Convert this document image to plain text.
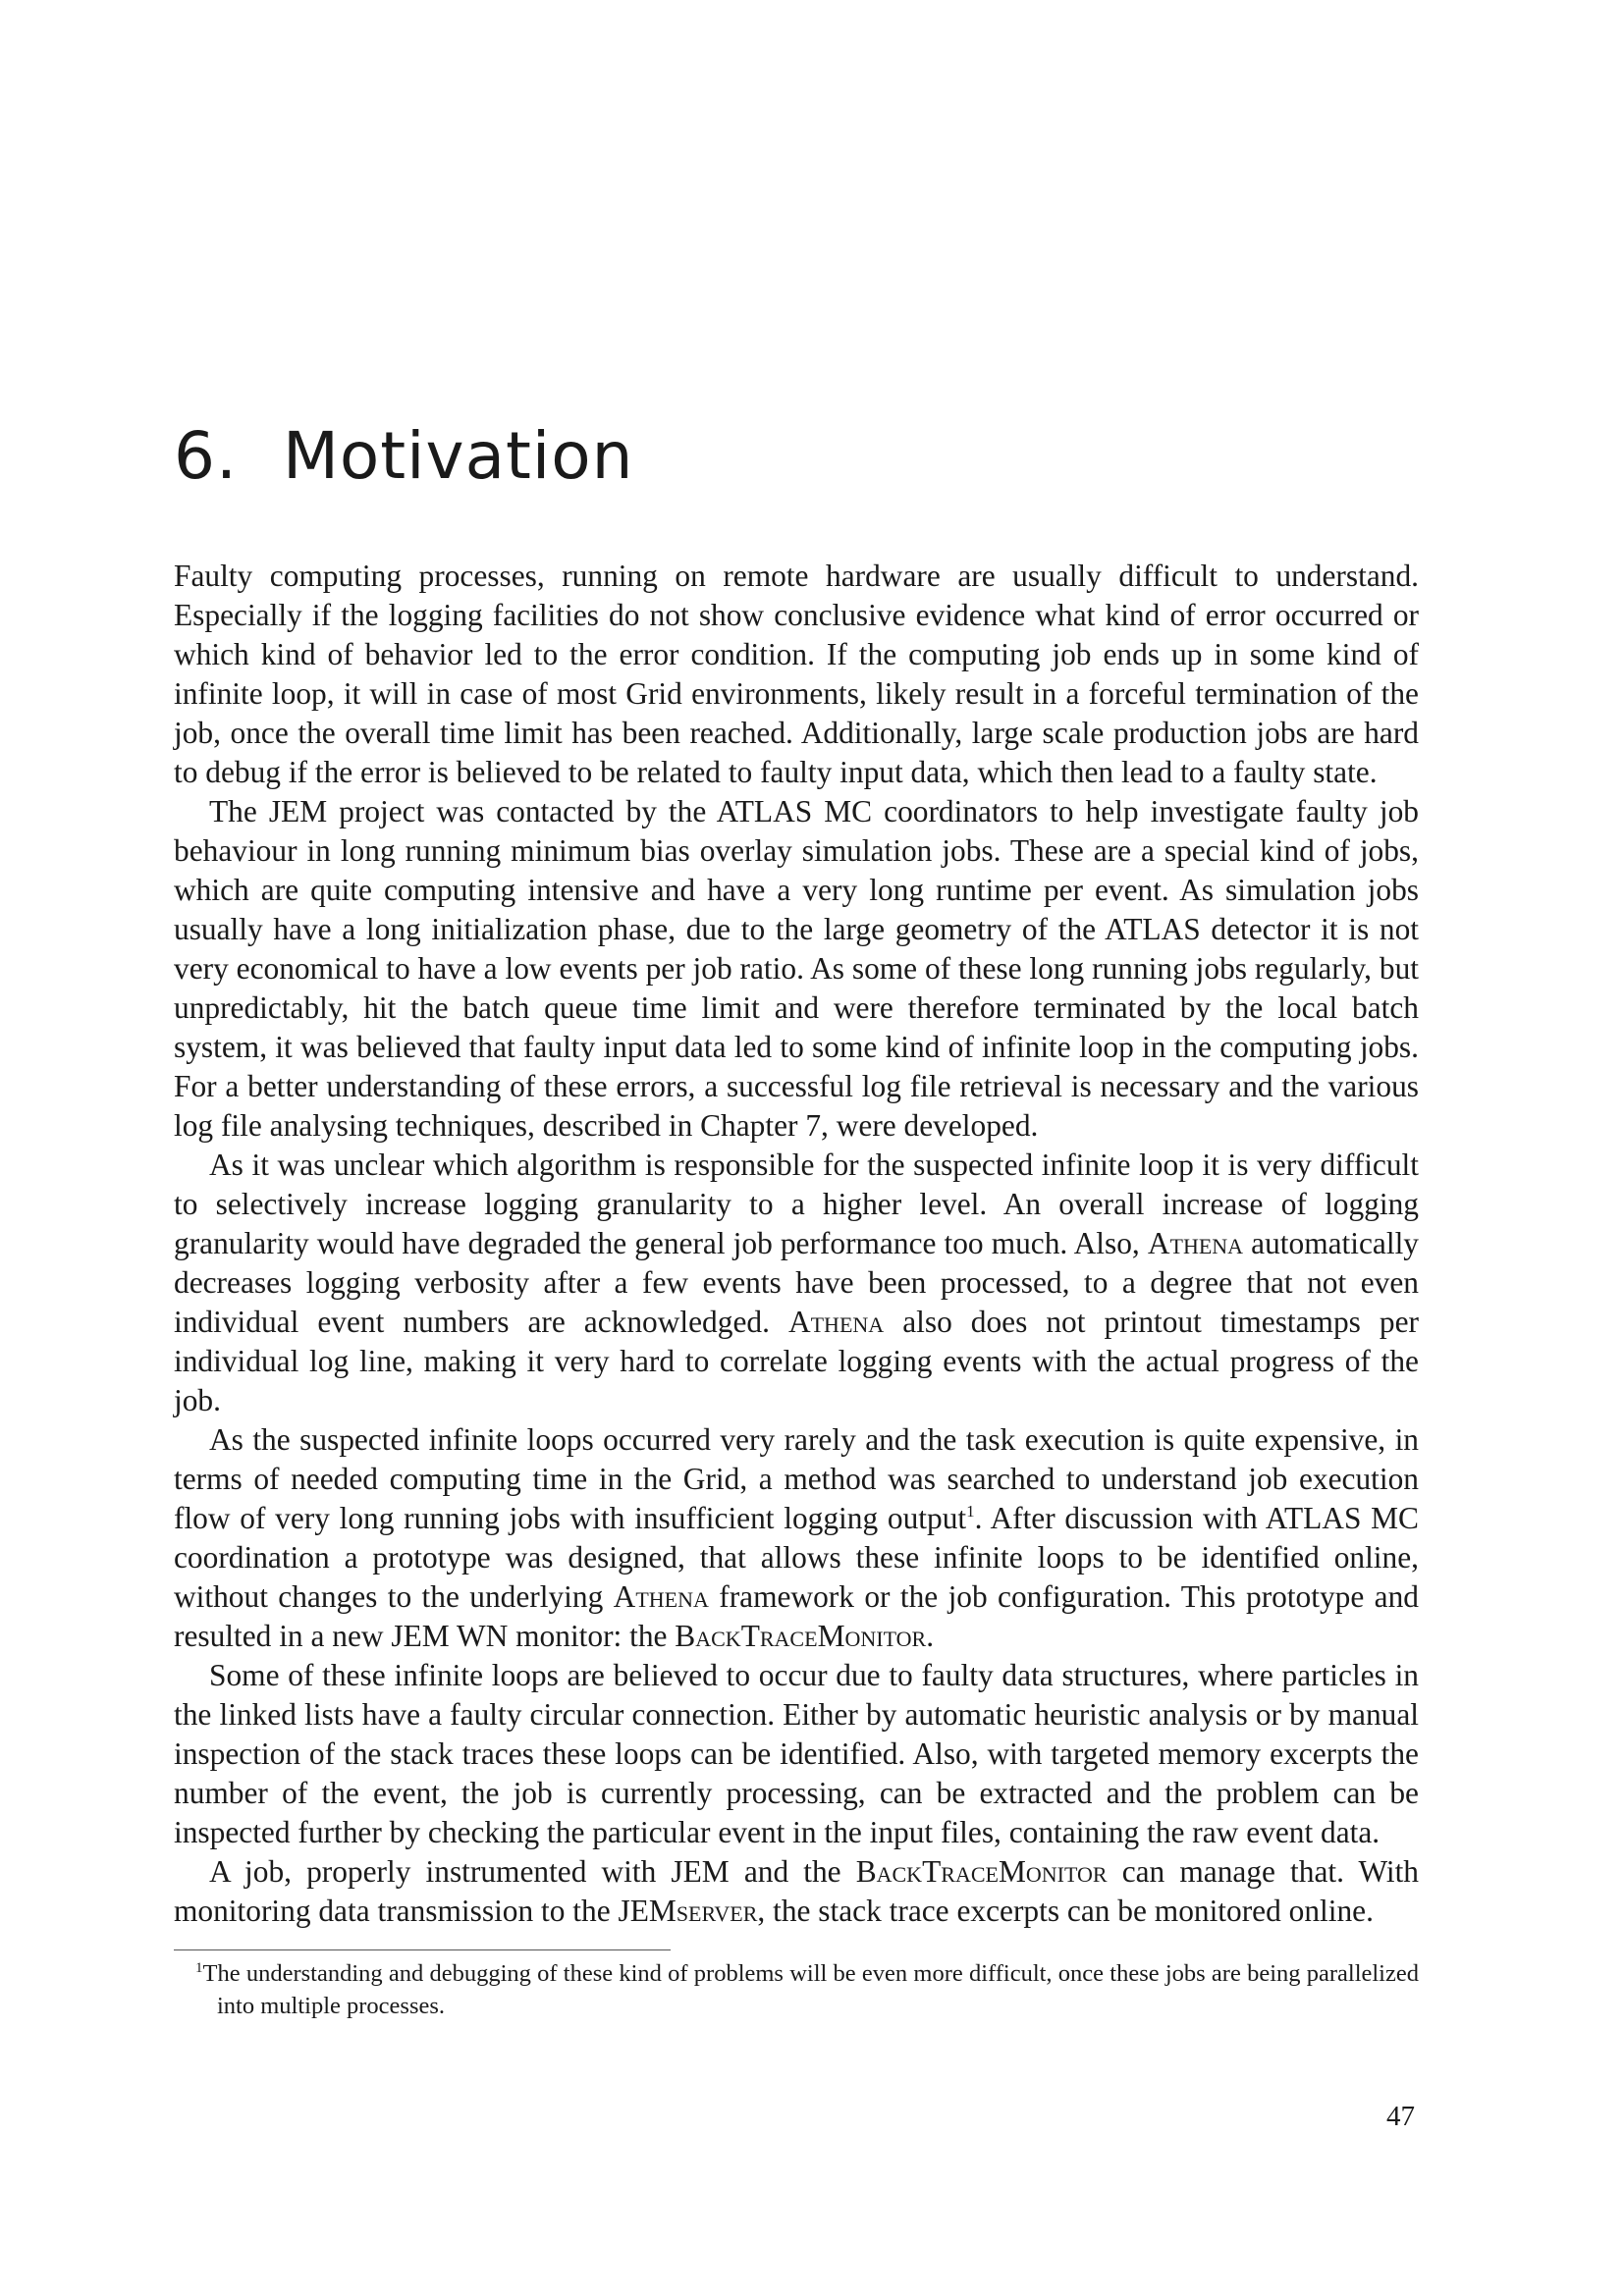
6. Motivation

Faulty computing processes, running on remote hardware are usually difficult to understand. Especially if the logging facilities do not show conclusive evidence what kind of error occurred or which kind of behavior led to the error condition. If the computing job ends up in some kind of infinite loop, it will in case of most Grid environments, likely result in a forceful termination of the job, once the overall time limit has been reached. Additionally, large scale production jobs are hard to debug if the error is believed to be related to faulty input data, which then lead to a faulty state.

The JEM project was contacted by the ATLAS MC coordinators to help investigate faulty job behaviour in long running minimum bias overlay simulation jobs. These are a special kind of jobs, which are quite computing intensive and have a very long runtime per event. As simulation jobs usually have a long initialization phase, due to the large geometry of the ATLAS detector it is not very economical to have a low events per job ratio. As some of these long running jobs regularly, but unpredictably, hit the batch queue time limit and were therefore terminated by the local batch system, it was believed that faulty input data led to some kind of infinite loop in the computing jobs. For a better understanding of these errors, a successful log file retrieval is necessary and the various log file analysing techniques, described in Chapter 7, were developed.

As it was unclear which algorithm is responsible for the suspected infinite loop it is very difficult to selectively increase logging granularity to a higher level. An overall increase of logging granularity would have degraded the general job performance too much. Also, Athena automatically decreases logging verbosity after a few events have been processed, to a degree that not even individual event numbers are acknowledged. Athena also does not printout timestamps per individual log line, making it very hard to correlate logging events with the actual progress of the job.

As the suspected infinite loops occurred very rarely and the task execution is quite expensive, in terms of needed computing time in the Grid, a method was searched to understand job execution flow of very long running jobs with insufficient logging output$^1$. After discussion with ATLAS MC coordination a prototype was designed, that allows these infinite loops to be identified online, without changes to the underlying Athena framework or the job configuration. This prototype and resulted in a new JEM WN monitor: the BackTraceMonitor.

Some of these infinite loops are believed to occur due to faulty data structures, where particles in the linked lists have a faulty circular connection. Either by automatic heuristic analysis or by manual inspection of the stack traces these loops can be identified. Also, with targeted memory excerpts the number of the event, the job is currently processing, can be extracted and the problem can be inspected further by checking the particular event in the input files, containing the raw event data.

A job, properly instrumented with JEM and the BackTraceMonitor can manage that. With monitoring data transmission to the JEMserver, the stack trace excerpts can be monitored online.

$^1$The understanding and debugging of these kind of problems will be even more difficult, once these jobs are being parallelized into multiple processes.

47
